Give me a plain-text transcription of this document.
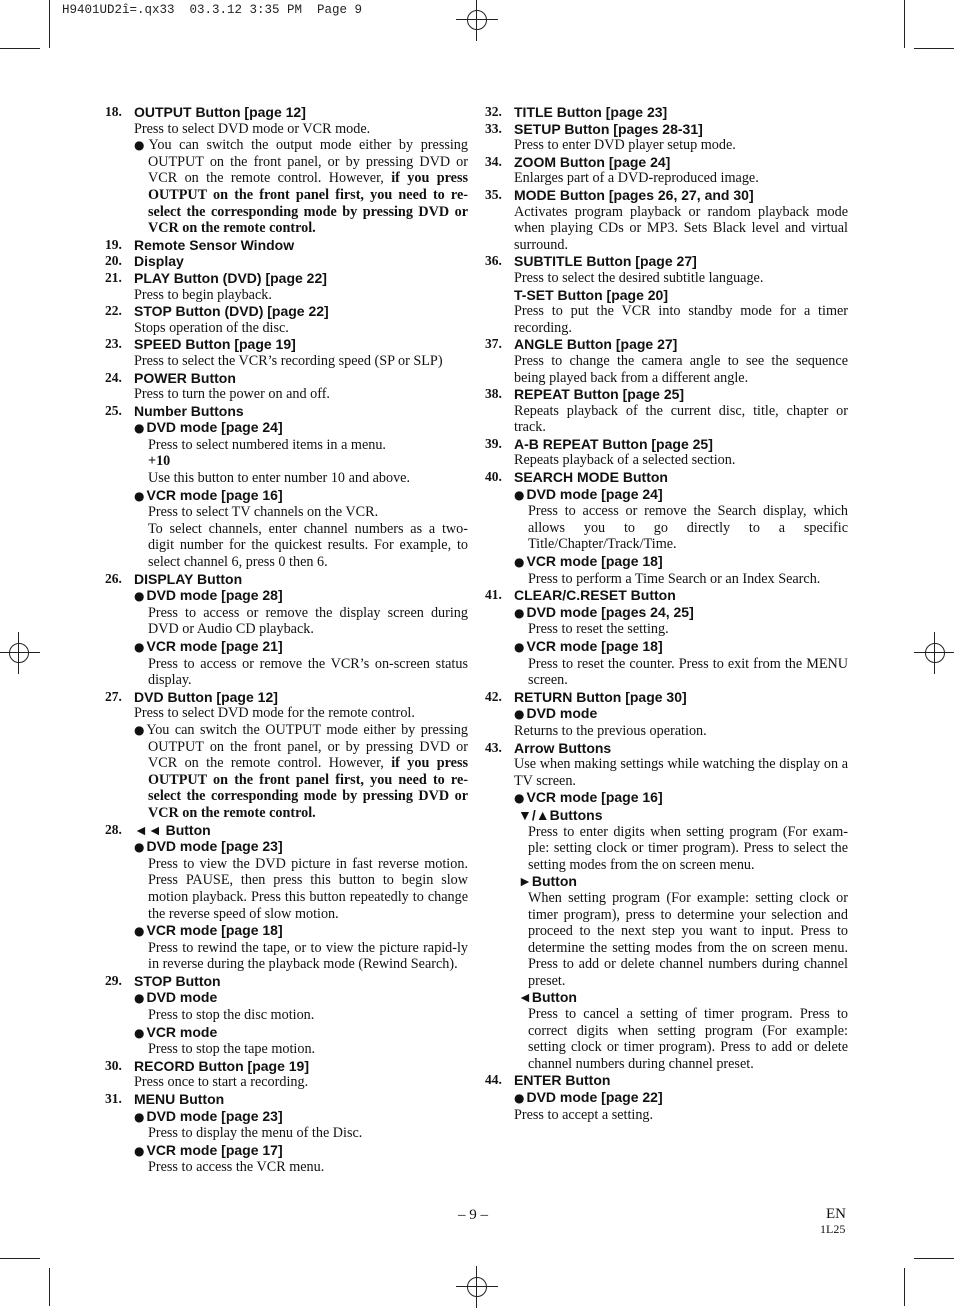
H9401UD2î=.qx33  03.3.12 3:35 PM  Page 9
18. OUTPUT Button [page 12]
Press to select DVD mode or VCR mode.
● You can switch the output mode either by pressing OUTPUT on the front panel, or by pressing DVD or VCR on the remote control. However, if you press OUTPUT on the front panel first, you need to re-select the corresponding mode by pressing DVD or VCR on the remote control.
19. Remote Sensor Window
20. Display
21. PLAY Button (DVD) [page 22]
Press to begin playback.
22. STOP Button (DVD) [page 22]
Stops operation of the disc.
23. SPEED Button [page 19]
Press to select the VCR’s recording speed (SP or SLP)
24. POWER Button
Press to turn the power on and off.
25. Number Buttons
● DVD mode [page 24]
Press to select numbered items in a menu.
+10
Use this button to enter number 10 and above.
● VCR mode [page 16]
Press to select TV channels on the VCR.
To select channels, enter channel numbers as a two-digit number for the quickest results. For example, to select channel 6, press 0 then 6.
26. DISPLAY Button
● DVD mode [page 28]
Press to access or remove the display screen during DVD or Audio CD playback.
● VCR mode [page 21]
Press to access or remove the VCR’s on-screen status display.
27. DVD Button [page 12]
Press to select DVD mode for the remote control.
● You can switch the OUTPUT mode either by pressing OUTPUT on the front panel, or by pressing DVD or VCR on the remote control. However, if you press OUTPUT on the front panel first, you need to re-select the corresponding mode by pressing DVD or VCR on the remote control.
28. ◄◄ Button
● DVD mode [page 23]
Press to view the DVD picture in fast reverse motion. Press PAUSE, then press this button to begin slow motion playback. Press this button repeatedly to change the reverse speed of slow motion.
● VCR mode [page 18]
Press to rewind the tape, or to view the picture rapid-ly in reverse during the playback mode (Rewind Search).
29. STOP Button
● DVD mode
Press to stop the disc motion.
● VCR mode
Press to stop the tape motion.
30. RECORD Button [page 19]
Press once to start a recording.
31. MENU Button
● DVD mode [page 23]
Press to display the menu of the Disc.
● VCR mode [page 17]
Press to access the VCR menu.
32. TITLE Button [page 23]
33. SETUP Button [pages 28-31]
Press to enter DVD player setup mode.
34. ZOOM Button [page 24]
Enlarges part of a DVD-reproduced image.
35. MODE Button [pages 26, 27, and 30]
Activates program playback or random playback mode when playing CDs or MP3. Sets Black level and virtual surround.
36. SUBTITLE Button [page 27]
Press to select the desired subtitle language.
T-SET Button [page 20]
Press to put the VCR into standby mode for a timer recording.
37. ANGLE Button [page 27]
Press to change the camera angle to see the sequence being played back from a different angle.
38. REPEAT Button [page 25]
Repeats playback of the current disc, title, chapter or track.
39. A-B REPEAT Button [page 25]
Repeats playback of a selected section.
40. SEARCH MODE Button
● DVD mode [page 24]
Press to access or remove the Search display, which allows you to go directly to a specific Title/Chapter/Track/Time.
● VCR mode [page 18]
Press to perform a Time Search or an Index Search.
41. CLEAR/C.RESET Button
● DVD mode [pages 24, 25]
Press to reset the setting.
● VCR mode [page 18]
Press to reset the counter. Press to exit from the MENU screen.
42. RETURN Button [page 30]
● DVD mode
Returns to the previous operation.
43. Arrow Buttons
Use when making settings while watching the display on a TV screen.
● VCR mode [page 16]
▼/▲Buttons
Press to enter digits when setting program (For exam-ple: setting clock or timer program). Press to select the setting modes from the on screen menu.
►Button
When setting program (For example: setting clock or timer program), press to determine your selection and proceed to the next step you want to input. Press to determine the setting modes from the on screen menu. Press to add or delete channel numbers during channel preset.
◄Button
Press to cancel a setting of timer program. Press to correct digits when setting program (For example: setting clock or timer program). Press to add or delete channel numbers during channel preset.
44. ENTER Button
● DVD mode [page 22]
Press to accept a setting.
– 9 –	EN
1L25
